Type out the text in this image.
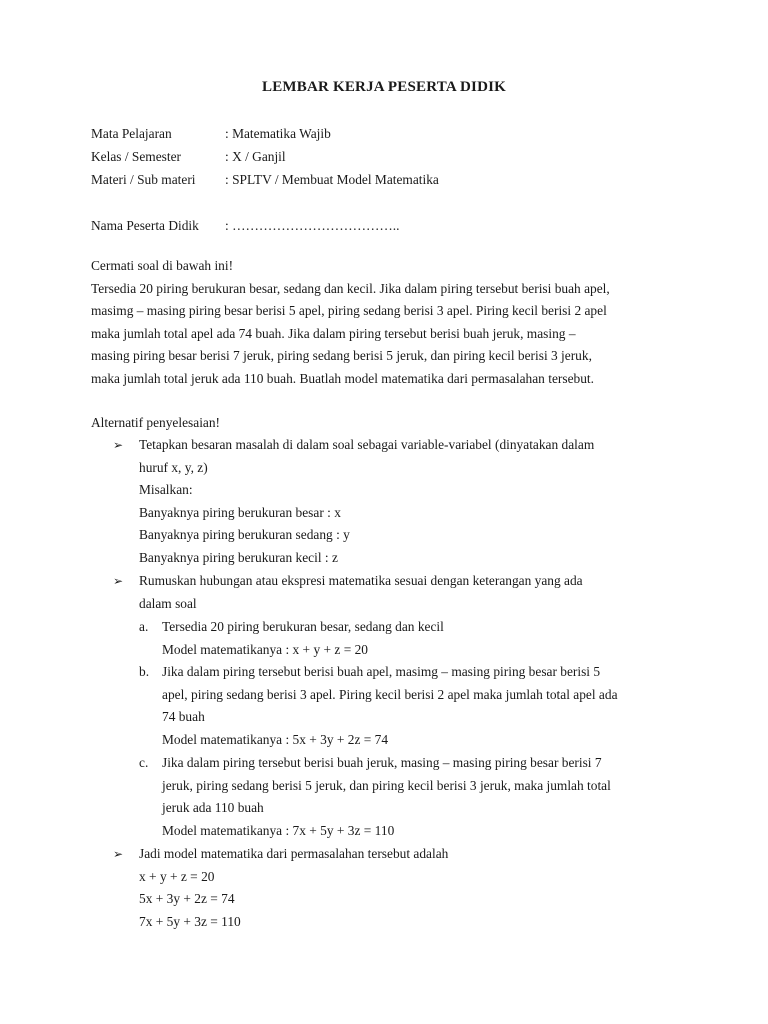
LEMBAR KERJA PESERTA DIDIK
Mata Pelajaran	: Matematika Wajib
Kelas / Semester	: X / Ganjil
Materi / Sub materi : SPLTV / Membuat Model Matematika
Nama Peserta Didik : ………………………………..

Cermati soal di bawah ini!

Tersedia 20 piring berukuran besar, sedang dan kecil. Jika dalam piring tersebut berisi buah apel,

masimg – masing piring besar berisi 5 apel, piring sedang berisi 3 apel. Piring kecil berisi 2 apel

maka jumlah total apel ada 74 buah. Jika dalam piring tersebut berisi buah jeruk, masing –

masing piring besar berisi 7 jeruk, piring sedang berisi 5 jeruk, dan piring kecil berisi 3 jeruk,

maka jumlah total jeruk ada 110 buah. Buatlah model matematika dari permasalahan tersebut.

Alternatif penyelesaian!

➢	Tetapkan besaran masalah di dalam soal sebagai variable-variabel (dinyatakan dalam

huruf x, y, z)

Misalkan:

Banyaknya piring berukuran besar : x

Banyaknya piring berukuran sedang : y

Banyaknya piring berukuran kecil : z

➢	Rumuskan hubungan atau ekspresi matematika sesuai dengan keterangan yang ada

dalam soal

a. Tersedia 20 piring berukuran besar, sedang dan kecil

Model matematikanya : x + y + z = 20

b. Jika dalam piring tersebut berisi buah apel, masimg – masing piring besar berisi 5

apel, piring sedang berisi 3 apel. Piring kecil berisi 2 apel maka jumlah total apel ada

74 buah

Model matematikanya : 5x + 3y + 2z = 74

c. Jika dalam piring tersebut berisi buah jeruk, masing – masing piring besar berisi 7

jeruk, piring sedang berisi 5 jeruk, dan piring kecil berisi 3 jeruk, maka jumlah total

jeruk ada 110 buah

Model matematikanya : 7x + 5y + 3z = 110

➢	Jadi model matematika dari permasalahan tersebut adalah

x + y + z = 20

5x + 3y + 2z = 74

7x + 5y + 3z = 110
